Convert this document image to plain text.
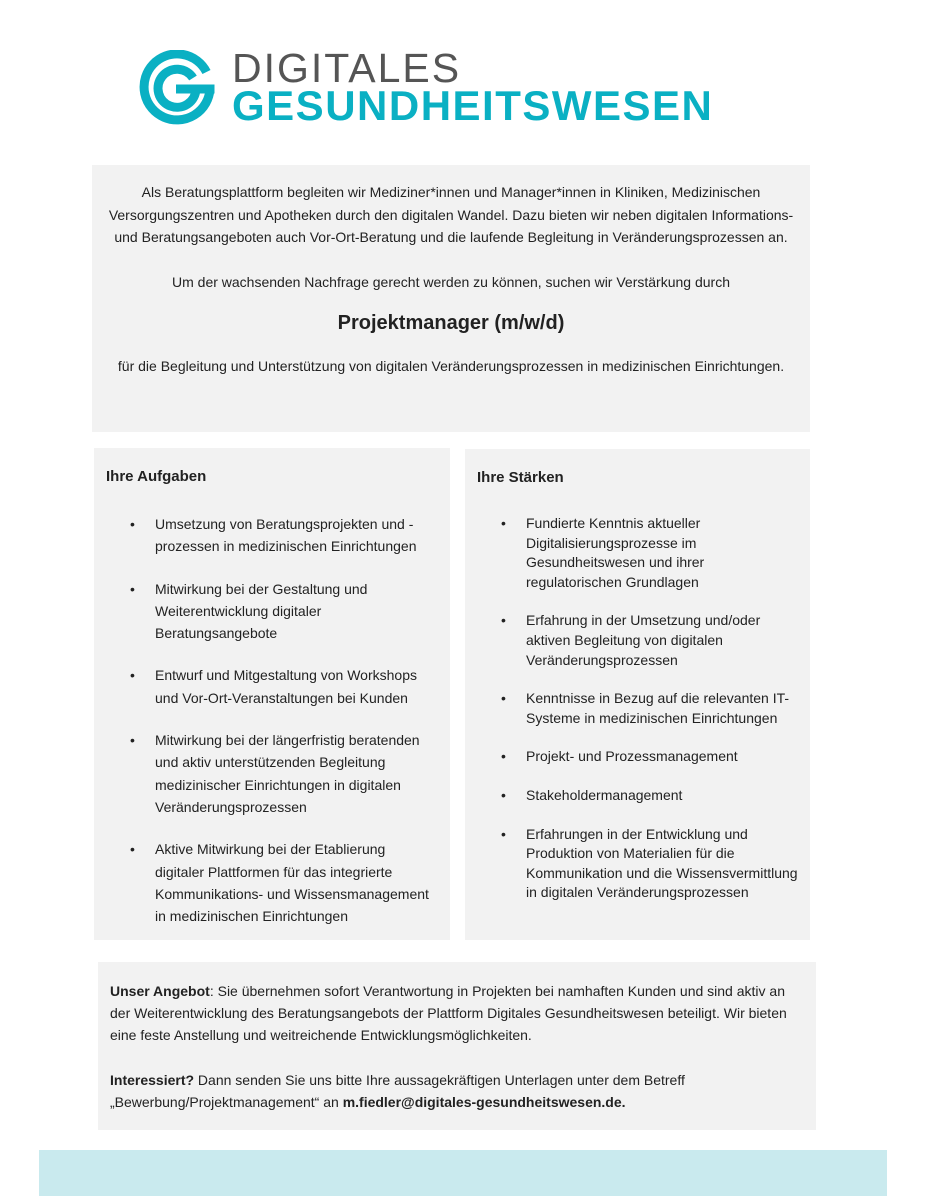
DIGITALES
GESUNDHEITSWESEN

Als Beratungsplattform begleiten wir Mediziner*innen und Manager*innen in Kliniken, Medizinischen Versorgungszentren und Apotheken durch den digitalen Wandel. Dazu bieten wir neben digitalen Informations- und Beratungsangeboten auch Vor-Ort-Beratung und die laufende Begleitung in Veränderungsprozessen an.

Um der wachsenden Nachfrage gerecht werden zu können, suchen wir Verstärkung durch

Projektmanager (m/w/d)

für die Begleitung und Unterstützung von digitalen Veränderungsprozessen in medizinischen Einrichtungen.

Ihre Aufgaben
• Umsetzung von Beratungsprojekten und -prozessen in medizinischen Einrichtungen
• Mitwirkung bei der Gestaltung und Weiterentwicklung digitaler Beratungsangebote
• Entwurf und Mitgestaltung von Workshops und Vor-Ort-Veranstaltungen bei Kunden
• Mitwirkung bei der längerfristig beratenden und aktiv unterstützenden Begleitung medizinischer Einrichtungen in digitalen Veränderungsprozessen
• Aktive Mitwirkung bei der Etablierung digitaler Plattformen für das integrierte Kommunikations- und Wissensmanagement in medizinischen Einrichtungen
Ihre Stärken
• Fundierte Kenntnis aktueller Digitalisierungsprozesse im Gesundheitswesen und ihrer regulatorischen Grundlagen
• Erfahrung in der Umsetzung und/oder aktiven Begleitung von digitalen Veränderungsprozessen
• Kenntnisse in Bezug auf die relevanten IT-Systeme in medizinischen Einrichtungen
• Projekt- und Prozessmanagement
• Stakeholdermanagement
• Erfahrungen in der Entwicklung und Produktion von Materialien für die Kommunikation und die Wissensvermittlung in digitalen Veränderungsprozessen

Unser Angebot: Sie übernehmen sofort Verantwortung in Projekten bei namhaften Kunden und sind aktiv an der Weiterentwicklung des Beratungsangebots der Plattform Digitales Gesundheitswesen beteiligt. Wir bieten eine feste Anstellung und weitreichende Entwicklungsmöglichkeiten.

Interessiert? Dann senden Sie uns bitte Ihre aussagekräftigen Unterlagen unter dem Betreff „Bewerbung/Projektmanagement“ an m.fiedler@digitales-gesundheitswesen.de.
